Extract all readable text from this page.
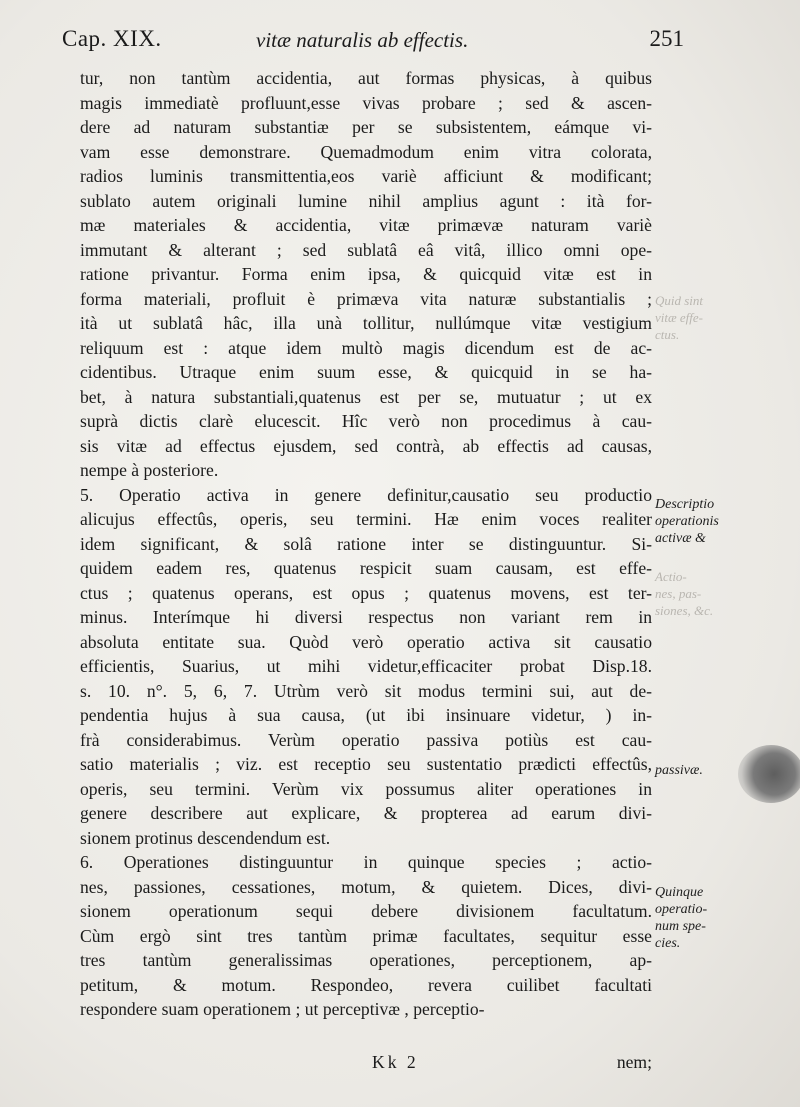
Cap. XIX.	vitæ naturalis ab effectis.	251
tur, non tantùm accidentia, aut formas physicas, à quibus
magis immediatè profluunt,esse vivas probare ; sed & ascen-
dere ad naturam substantiæ per se subsistentem, eámque vi-
vam esse demonstrare. Quemadmodum enim vitra colorata,
radios luminis transmittentia,eos variè afficiunt & modificant;
sublato autem originali lumine nihil amplius agunt : ità for-
mæ materiales & accidentia, vitæ primævæ naturam variè
immutant & alterant ; sed sublatâ eâ vitâ, illico omni ope-
ratione privantur. Forma enim ipsa, & quicquid vitæ est in
forma materiali, profluit è primæva vita naturæ substantialis ;
ità ut sublatâ hâc, illa unà tollitur, nullúmque vitæ vestigium
reliquum est : atque idem multò magis dicendum est de ac-
cidentibus. Utraque enim suum esse, & quicquid in se ha-
bet, à natura substantiali,quatenus est per se, mutuatur ; ut ex
suprà dictis clarè elucescit. Hîc verò non procedimus à cau-
sis vitæ ad effectus ejusdem, sed contrà, ab effectis ad causas,
nempe à posteriore.
5. Operatio activa in genere definitur,causatio seu productio
alicujus effectûs, operis, seu termini. Hæ enim voces realiter
idem significant, & solâ ratione inter se distinguuntur. Si-
quidem eadem res, quatenus respicit suam causam, est effe-
ctus ; quatenus operans, est opus ; quatenus movens, est ter-
minus. Interímque hi diversi respectus non variant rem in
absoluta entitate sua. Quòd verò operatio activa sit causatio
efficientis, Suarius, ut mihi videtur,efficaciter probat Disp.18.
s. 10. n°. 5, 6, 7. Utrùm verò sit modus termini sui, aut de-
pendentia hujus à sua causa, (ut ibi insinuare videtur, ) in-
frà considerabimus. Verùm operatio passiva potiùs est cau-
satio materialis ; viz. est receptio seu sustentatio prædicti effectûs,
operis, seu termini. Verùm vix possumus aliter operationes in
genere describere aut explicare, & propterea ad earum divi-
sionem protinus descendendum est.
6. Operationes distinguuntur in quinque species ; actio-
nes, passiones, cessationes, motum, & quietem. Dices, divi-
sionem operationum sequi debere divisionem facultatum.
Cùm ergò sint tres tantùm primæ facultates, sequitur esse
tres tantùm generalissimas operationes, perceptionem, ap-
petitum, & motum. Respondeo, revera cuilibet facultati
respondere suam operationem ; ut perceptivæ , perceptio-
Quid sint
vitæ effe-
ctus.
Descriptio
operationis
activæ &
Actio-
nes, pas-
siones, &c.
passivæ.
Quinque
operatio-
num spe-
cies.
Kk 2	nem;
